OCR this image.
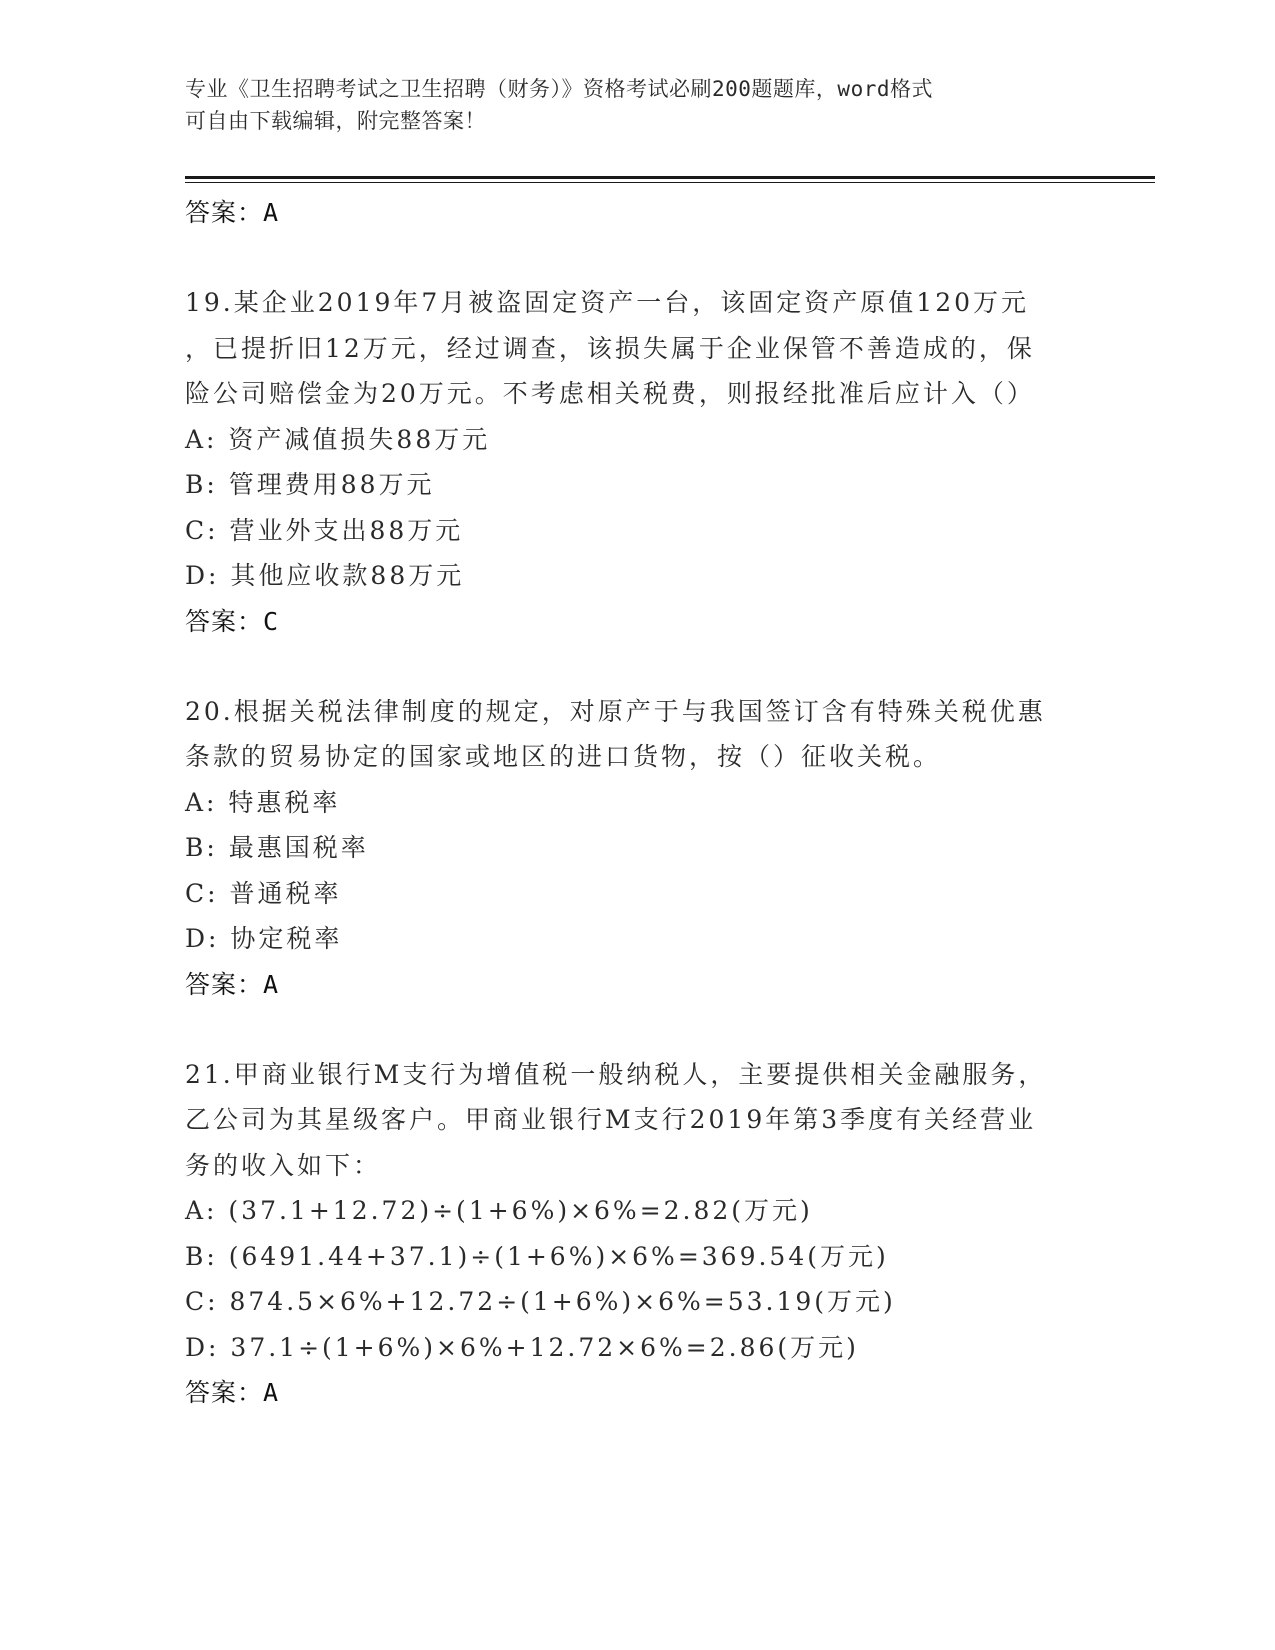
专业《卫生招聘考试之卫生招聘（财务）》资格考试必刷200题题库，word格式
可自由下载编辑，附完整答案！
答案：A
19.某企业2019年7月被盗固定资产一台，该固定资产原值120万元
，已提折旧12万元，经过调查，该损失属于企业保管不善造成的，保
险公司赔偿金为20万元。不考虑相关税费，则报经批准后应计入（）
A: 资产减值损失88万元
B: 管理费用88万元
C: 营业外支出88万元
D: 其他应收款88万元
答案：C
20.根据关税法律制度的规定，对原产于与我国签订含有特殊关税优惠
条款的贸易协定的国家或地区的进口货物，按（）征收关税。
A: 特惠税率
B: 最惠国税率
C: 普通税率
D: 协定税率
答案：A
21.甲商业银行M支行为增值税一般纳税人，主要提供相关金融服务，
乙公司为其星级客户。甲商业银行M支行2019年第3季度有关经营业
务的收入如下：
A: (37.1+12.72)÷(1+6%)×6%=2.82(万元)
B: (6491.44+37.1)÷(1+6%)×6%=369.54(万元)
C: 874.5×6%+12.72÷(1+6%)×6%=53.19(万元)
D: 37.1÷(1+6%)×6%+12.72×6%=2.86(万元)
答案：A
